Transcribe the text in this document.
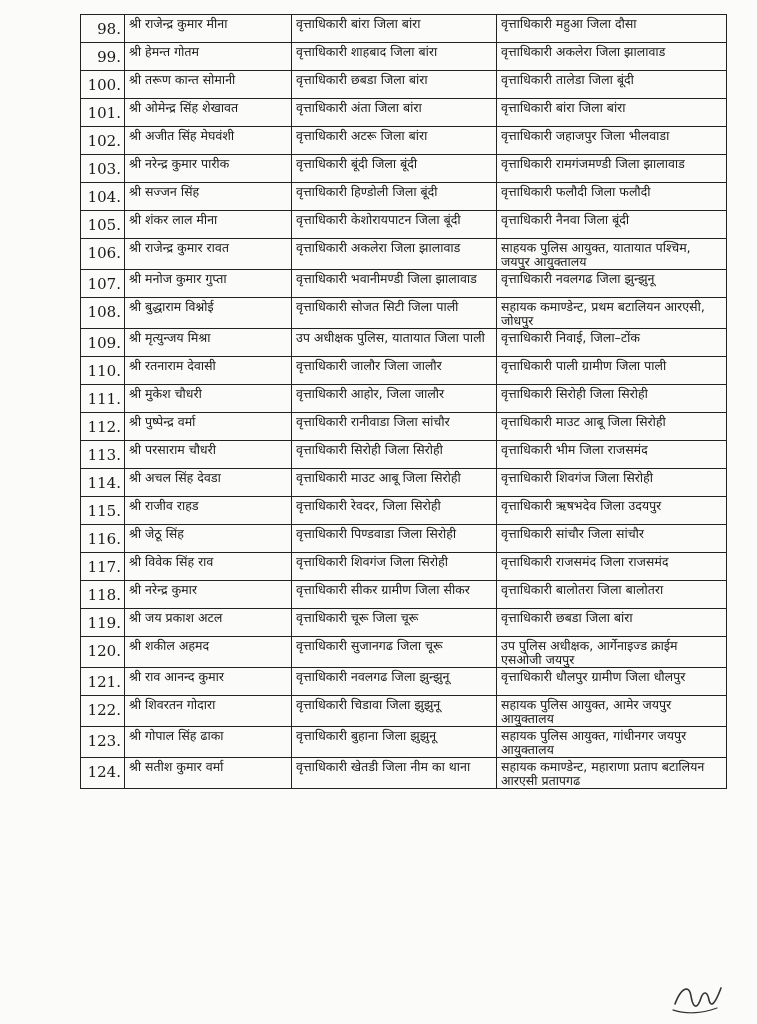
98.	श्री राजेन्द्र कुमार मीना	वृत्ताधिकारी बांरा जिला बांरा	वृत्ताधिकारी महुआ जिला दौसा
99.	श्री हेमन्त गोतम	वृत्ताधिकारी शाहबाद जिला बांरा	वृत्ताधिकारी अकलेरा जिला झालावाड
100.	श्री तरूण कान्त सोमानी	वृत्ताधिकारी छबडा जिला बांरा	वृत्ताधिकारी तालेडा जिला बूंदी
101.	श्री ओमेन्द्र सिंह शेखावत	वृत्ताधिकारी अंता जिला बांरा	वृत्ताधिकारी बांरा जिला बांरा
102.	श्री अजीत सिंह मेघवंशी	वृत्ताधिकारी अटरू जिला बांरा	वृत्ताधिकारी जहाजपुर जिला भीलवाडा
103.	श्री नरेन्द्र कुमार पारीक	वृत्ताधिकारी बूंदी जिला बूंदी	वृत्ताधिकारी रामगंजमण्डी जिला झालावाड
104.	श्री सज्जन सिंह	वृत्ताधिकारी हिण्डोली जिला बूंदी	वृत्ताधिकारी फलौदी जिला फलौदी
105.	श्री शंकर लाल मीना	वृत्ताधिकारी केशोरायपाटन जिला बूंदी	वृत्ताधिकारी नैनवा जिला बूंदी
106.	श्री राजेन्द्र कुमार रावत	वृत्ताधिकारी अकलेरा जिला झालावाड	साहयक पुलिस आयुक्त, यातायात पश्चिम, जयपुर आयुक्तालय
107.	श्री मनोज कुमार गुप्ता	वृत्ताधिकारी भवानीमण्डी जिला झालावाड	वृत्ताधिकारी नवलगढ जिला झुन्झुनू
108.	श्री बुद्धाराम विश्नोई	वृत्ताधिकारी सोजत सिटी जिला पाली	सहायक कमाण्डेन्ट, प्रथम बटालियन आरएसी, जोधपुर
109.	श्री मृत्युन्जय मिश्रा	उप अधीक्षक पुलिस, यातायात जिला पाली	वृत्ताधिकारी निवाई, जिला–टोंक
110.	श्री रतनाराम देवासी	वृत्ताधिकारी जालौर जिला जालौर	वृत्ताधिकारी पाली ग्रामीण जिला पाली
111.	श्री मुकेश चौधरी	वृत्ताधिकारी आहोर, जिला जालौर	वृत्ताधिकारी सिरोही जिला सिरोही
112.	श्री पुष्पेन्द्र वर्मा	वृत्ताधिकारी रानीवाडा जिला सांचौर	वृत्ताधिकारी माउट आबू जिला सिरोही
113.	श्री परसाराम चौधरी	वृत्ताधिकारी सिरोही जिला सिरोही	वृत्ताधिकारी भीम जिला राजसमंद
114.	श्री अचल सिंह देवडा	वृत्ताधिकारी माउट आबू जिला सिरोही	वृत्ताधिकारी शिवगंज जिला सिरोही
115.	श्री राजीव राहड	वृत्ताधिकारी रेवदर, जिला सिरोही	वृत्ताधिकारी ऋषभदेव जिला उदयपुर
116.	श्री जेठू सिंह	वृत्ताधिकारी पिण्डवाडा जिला सिरोही	वृत्ताधिकारी सांचौर जिला सांचौर
117.	श्री विवेक सिंह राव	वृत्ताधिकारी शिवगंज जिला सिरोही	वृत्ताधिकारी राजसमंद जिला राजसमंद
118.	श्री नरेन्द्र कुमार	वृत्ताधिकारी सीकर ग्रामीण जिला सीकर	वृत्ताधिकारी बालोतरा जिला बालोतरा
119.	श्री जय प्रकाश अटल	वृत्ताधिकारी चूरू जिला चूरू	वृत्ताधिकारी छबडा जिला बांरा
120.	श्री शकील अहमद	वृत्ताधिकारी सुजानगढ जिला चूरू	उप पुलिस अधीक्षक, आर्गेनाइज्ड क्राईम एसओजी जयपुर
121.	श्री राव आनन्द कुमार	वृत्ताधिकारी नवलगढ जिला झुन्झुनू	वृत्ताधिकारी धौलपुर ग्रामीण जिला धौलपुर
122.	श्री शिवरतन गोदारा	वृत्ताधिकारी चिडावा जिला झुझुनू	सहायक पुलिस आयुक्त, आमेर जयपुर आयुक्तालय
123.	श्री गोपाल सिंह ढाका	वृत्ताधिकारी बुहाना जिला झुझुनू	सहायक पुलिस आयुक्त, गांधीनगर जयपुर आयुक्तालय
124.	श्री सतीश कुमार वर्मा	वृत्ताधिकारी खेतडी जिला नीम का थाना	सहायक कमाण्डेन्ट, महाराणा प्रताप बटालियन आरएसी प्रतापगढ
